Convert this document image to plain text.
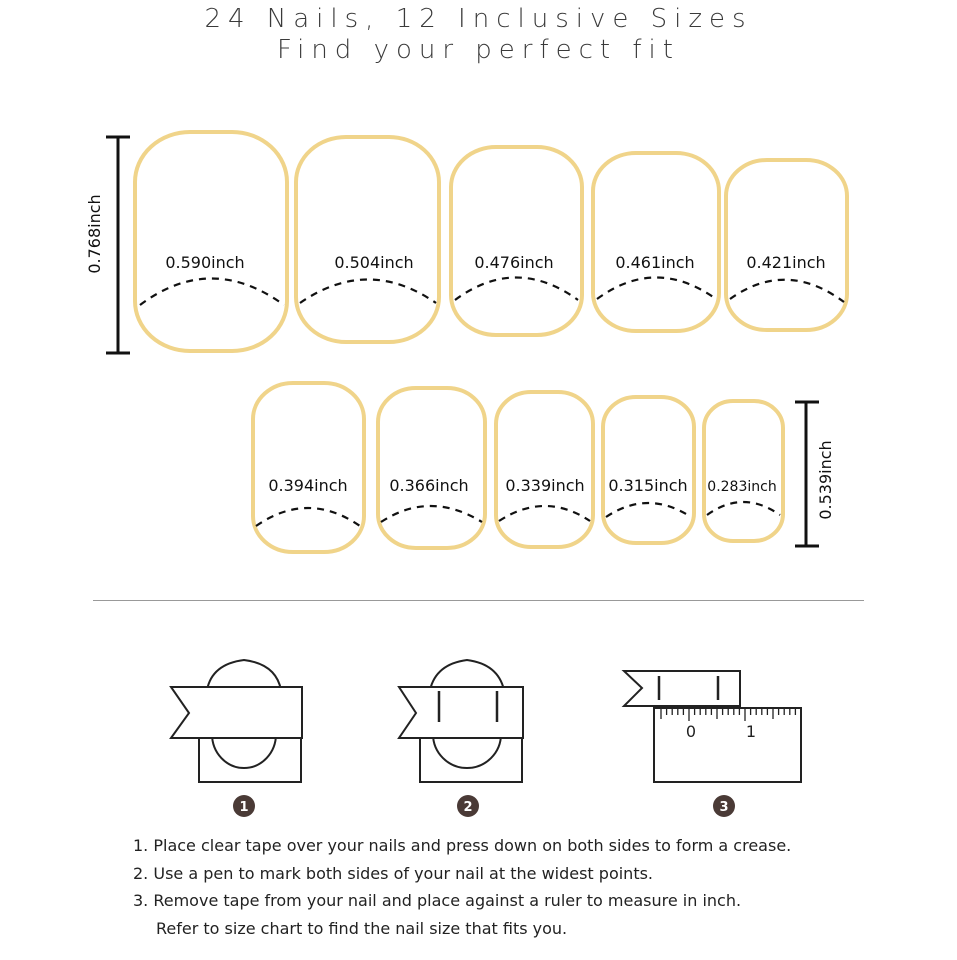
24 Nails, 12 Inclusive Sizes
Find your perfect fit
0.768inch	0.590inch	0.504inch	0.476inch	0.461inch	0.421inch
0.394inch	0.366inch 0.339inch 0.315inch 0.283inch 0.539inch
1	2
0	1
3
1. Place clear tape over your nails and press down on both sides to form a crease.
2. Use a pen to mark both sides of your nail at the widest points.
3. Remove tape from your nail and place against a ruler to measure in inch.
Refer to size chart to find the nail size that fits you.
